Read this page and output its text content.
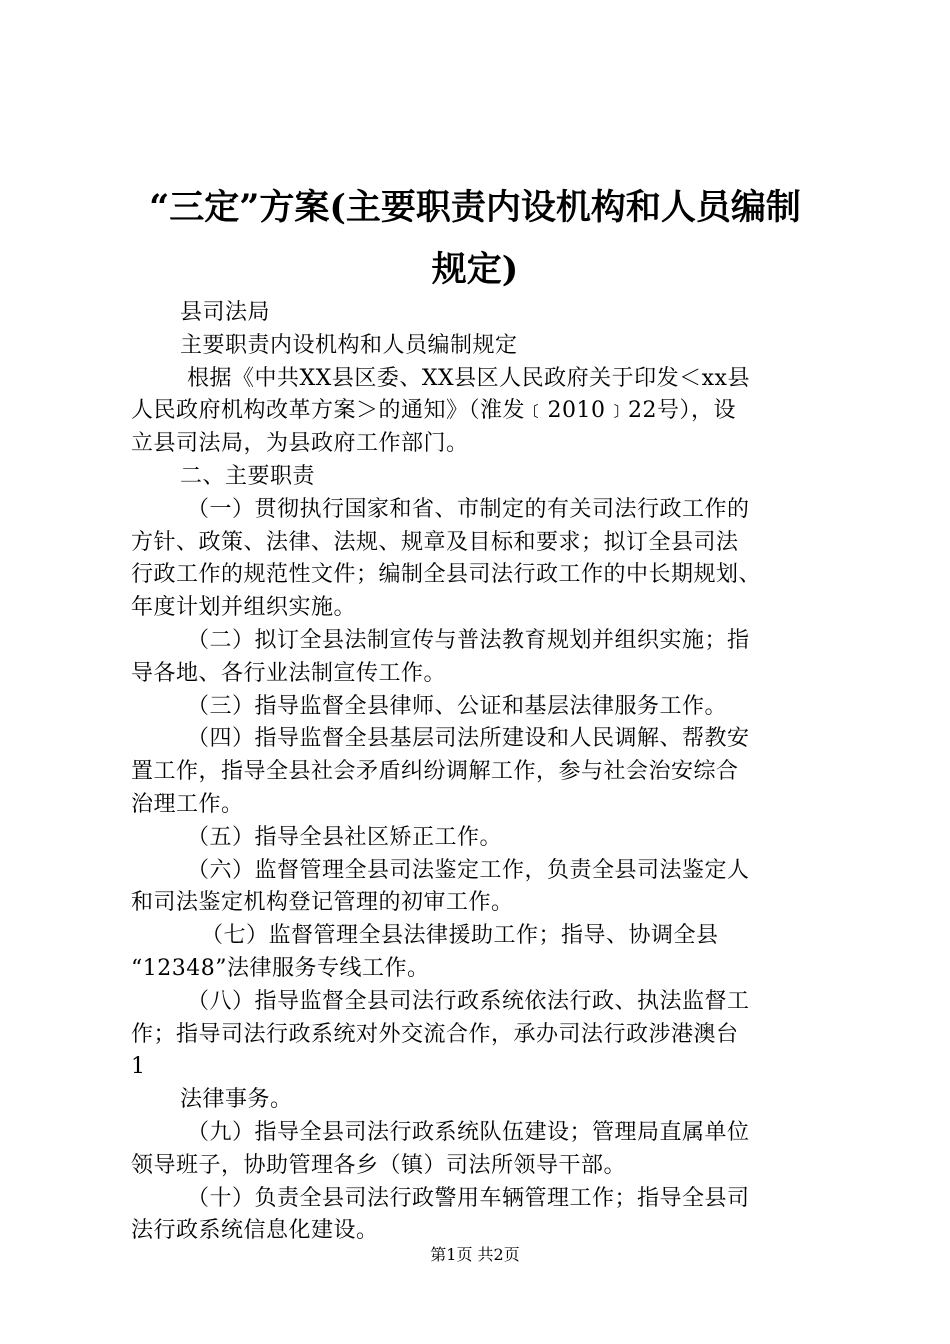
“三定”方案(主要职责内设机构和人员编制
规定)
县司法局
主要职责内设机构和人员编制规定
根据《中共XX县区委、XX县区人民政府关于印发＜xx县
人民政府机构改革方案＞的通知》（淮发﹝2010﹞22号），设
立县司法局，为县政府工作部门。
二、主要职责
（一）贯彻执行国家和省、市制定的有关司法行政工作的
方针、政策、法律、法规、规章及目标和要求；拟订全县司法
行政工作的规范性文件；编制全县司法行政工作的中长期规划、
年度计划并组织实施。
（二）拟订全县法制宣传与普法教育规划并组织实施；指
导各地、各行业法制宣传工作。
（三）指导监督全县律师、公证和基层法律服务工作。
（四）指导监督全县基层司法所建设和人民调解、帮教安
置工作，指导全县社会矛盾纠纷调解工作，参与社会治安综合
治理工作。
（五）指导全县社区矫正工作。
（六）监督管理全县司法鉴定工作，负责全县司法鉴定人
和司法鉴定机构登记管理的初审工作。
（七）监督管理全县法律援助工作；指导、协调全县
“12348”法律服务专线工作。
（八）指导监督全县司法行政系统依法行政、执法监督工
作；指导司法行政系统对外交流合作，承办司法行政涉港澳台
1
法律事务。
（九）指导全县司法行政系统队伍建设；管理局直属单位
领导班子，协助管理各乡（镇）司法所领导干部。
（十）负责全县司法行政警用车辆管理工作；指导全县司
法行政系统信息化建设。
第1页 共2页
